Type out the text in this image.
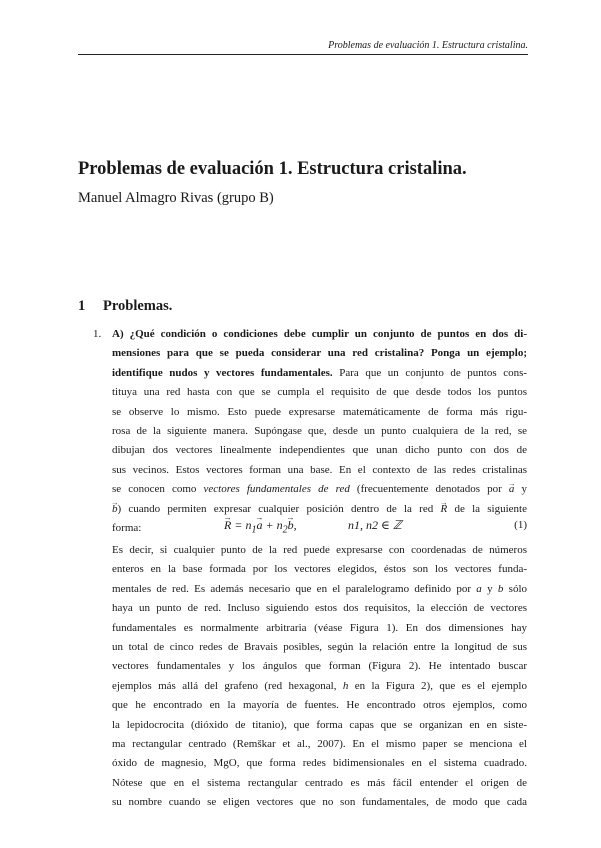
Problemas de evaluación 1. Estructura cristalina.
Problemas de evaluación 1. Estructura cristalina.

Manuel Almagro Rivas (grupo B)

1 Problemas.
1. A) ¿Qué condición o condiciones debe cumplir un conjunto de puntos en dos di-
mensiones para que se pueda considerar una red cristalina? Ponga un ejemplo;
identifique nudos y vectores fundamentales. Para que un conjunto de puntos cons-
tituya una red hasta con que se cumpla el requisito de que desde todos los puntos
se observe lo mismo. Esto puede expresarse matemáticamente de forma más rigu-
rosa de la siguiente manera. Supóngase que, desde un punto cualquiera de la red, se
dibujan dos vectores linealmente independientes que unan dicho punto con dos de
sus vecinos. Estos vectores forman una base. En el contexto de las redes cristalinas
se conocen como vectores fundamentales de red (frecuentemente denotados por → a y
→ b) cuando permiten expresar cualquier posición dentro de la red → R de la siguiente
forma:
→	$R = n_1\to a + n_2\to b$,	n1, n2 ∈ ℤ	(1)
Es decir, si cualquier punto de la red puede expresarse con coordenadas de números
enteros en la base formada por los vectores elegidos, éstos son los vectores funda-
mentales de red. Es además necesario que en el paralelogramo definido por a y b sólo
haya un punto de red. Incluso siguiendo estos dos requisitos, la elección de vectores
fundamentales es normalmente arbitraria (véase Figura 1). En dos dimensiones hay
un total de cinco redes de Bravais posibles, según la relación entre la longitud de sus
vectores fundamentales y los ángulos que forman (Figura 2). He intentado buscar
ejemplos más allá del grafeno (red hexagonal, h en la Figura 2), que es el ejemplo
que he encontrado en la mayoría de fuentes. He encontrado otros ejemplos, como
la lepidocrocita (dióxido de titanio), que forma capas que se organizan en en siste-
ma rectangular centrado (Remškar et al., 2007). En el mismo paper se menciona el
óxido de magnesio, MgO, que forma redes bidimensionales en el sistema cuadrado.
Nótese que en el sistema rectangular centrado es más fácil entender el origen de
su nombre cuando se eligen vectores que no son fundamentales, de modo que cada
